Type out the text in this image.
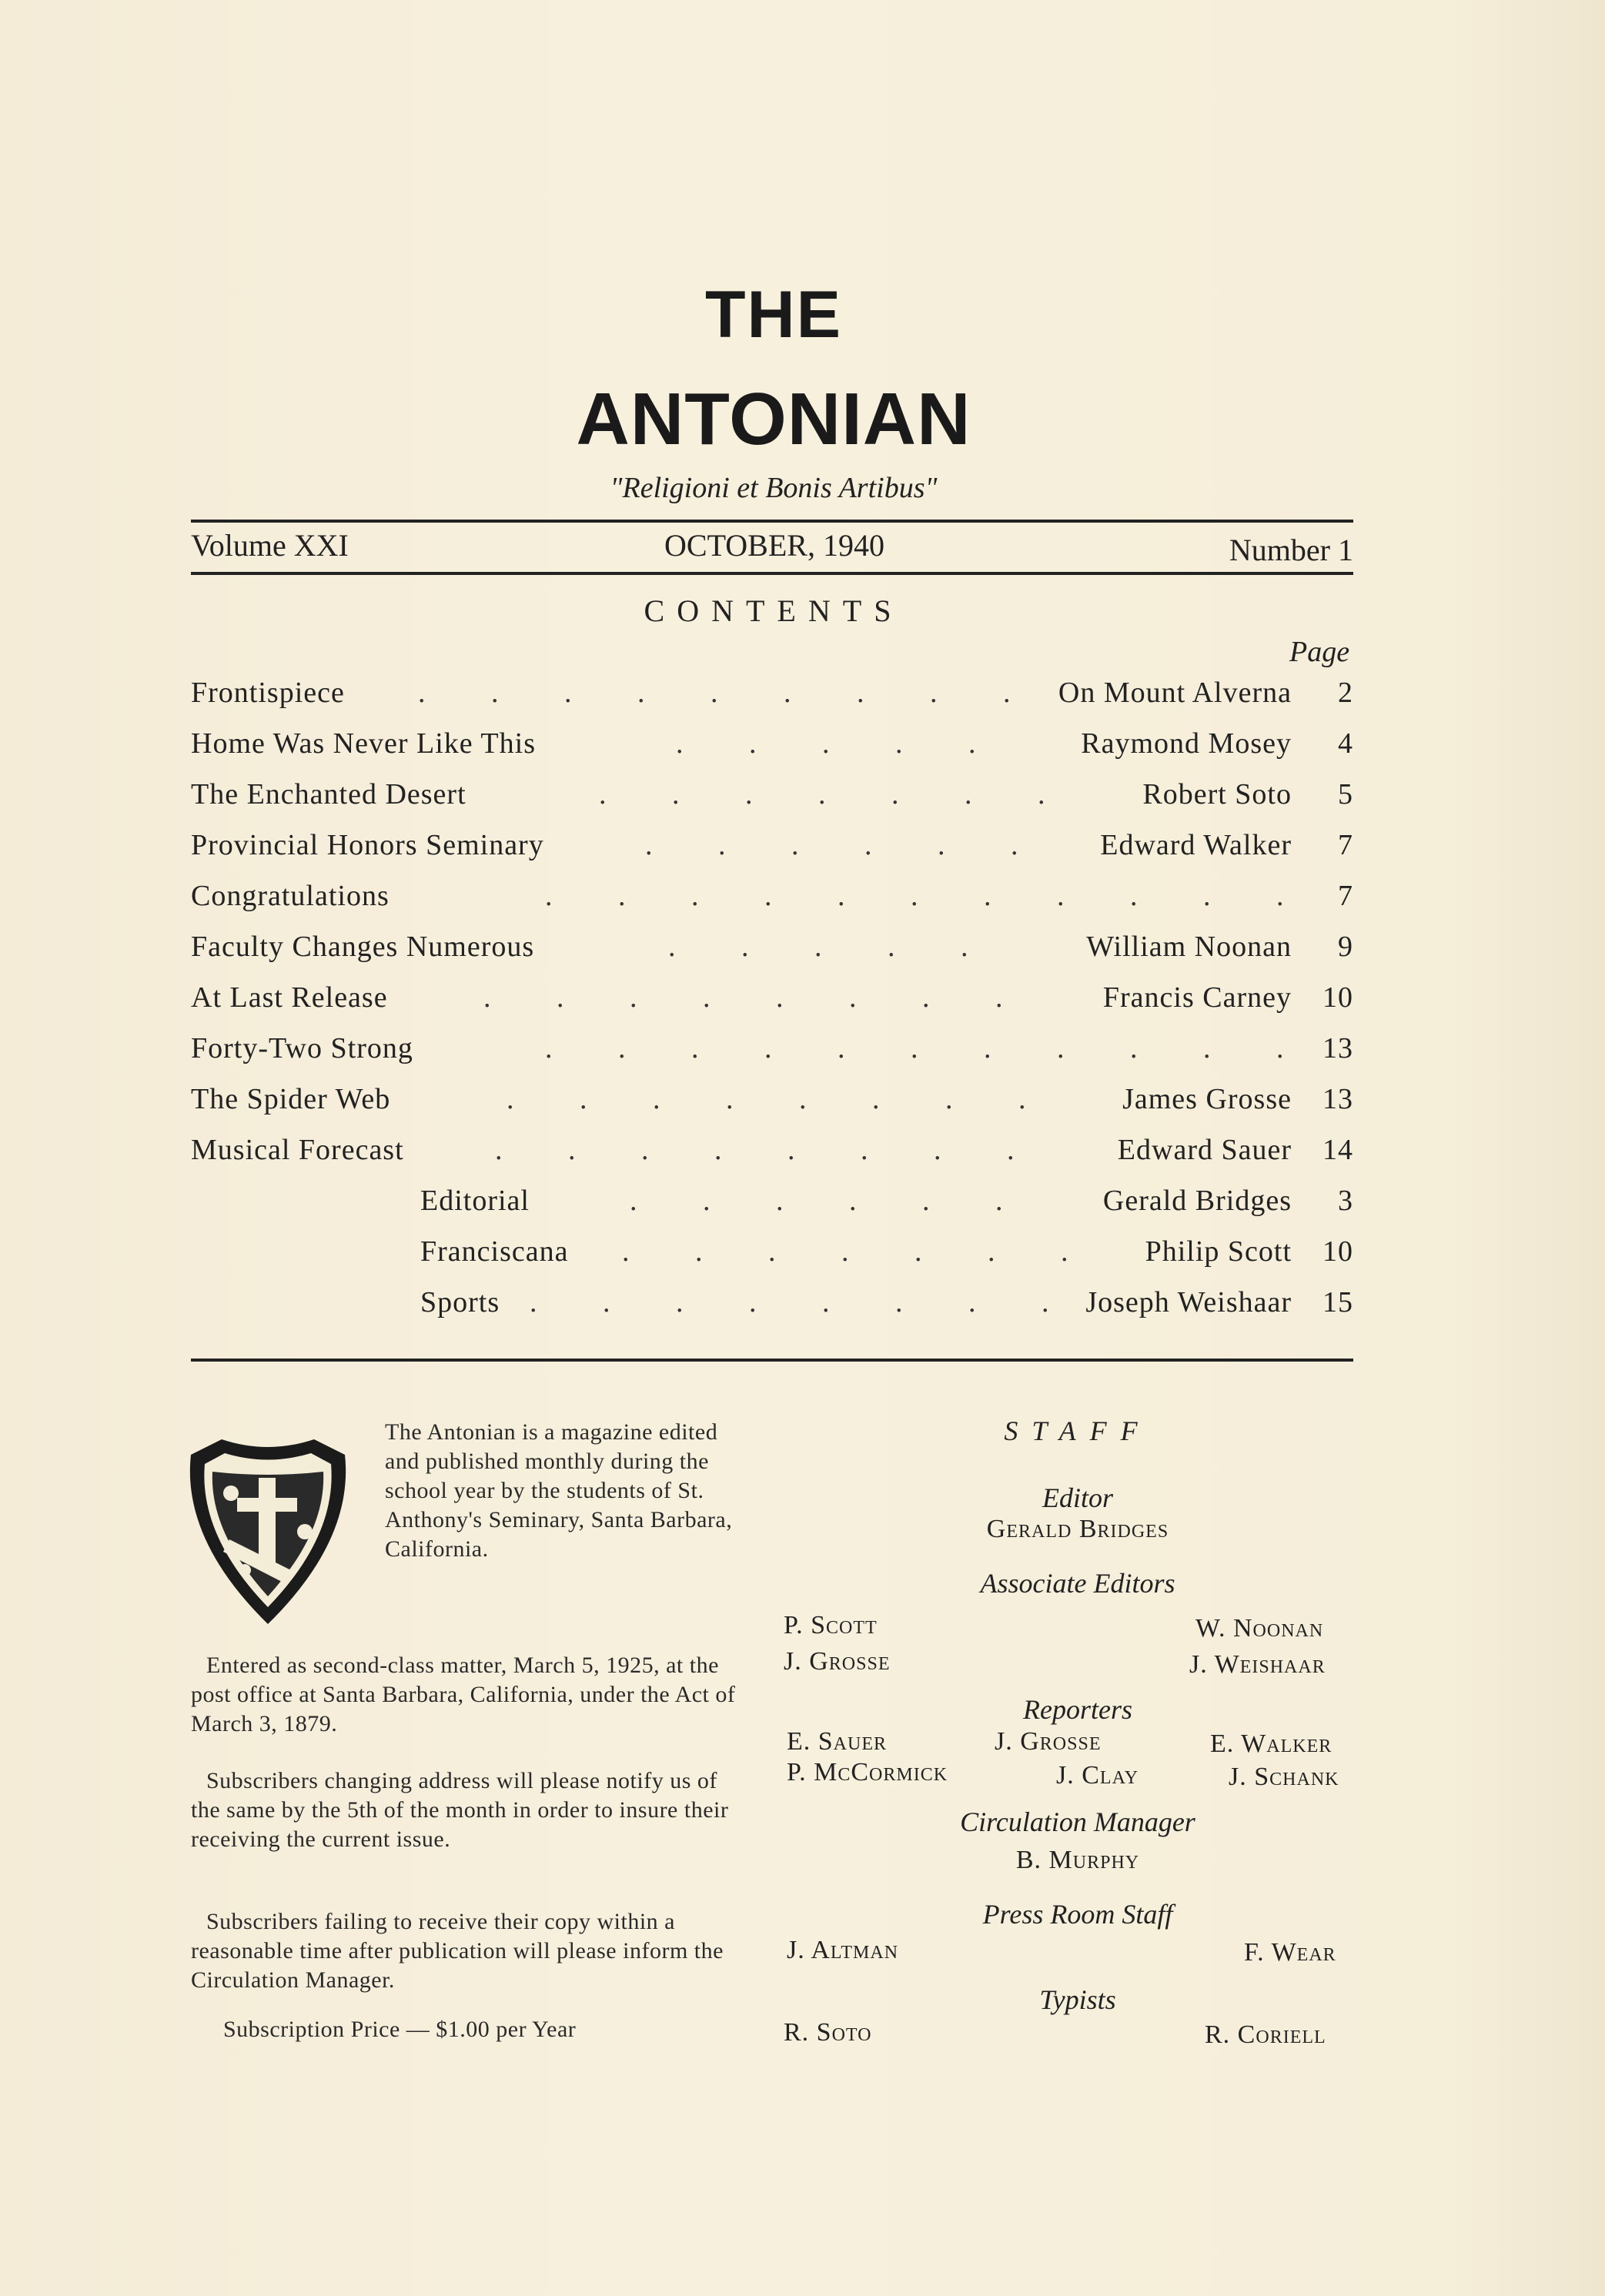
THE
ANTONIAN
"Religioni et Bonis Artibus"
Volume XXI	OCTOBER, 1940	Number 1
CONTENTS
Page
Frontispiece	. . . . . . . . . On Mount Alverna	2
Home Was Never Like This	. . . . .	Raymond Mosey	4
The Enchanted Desert	. . . . . . . Robert Soto	5
Provincial Honors Seminary	. . . . . . Edward Walker	7
Congratulations	. . . . . . . . . . . 7
Faculty Changes Numerous	. . . . .	William Noonan	9
At Last Release	. . . . . . . . Francis Carney 10
Forty-Two Strong	. . . . . . . . . . . 13
The Spider Web	. . . . . . . . James Grosse 13
Musical Forecast	. . . . . . . .	Edward Sauer 14
Editorial	. . . . . . Gerald Bridges	3
Franciscana . . . . . . . Philip Scott 10
Sports . . . . . . . . Joseph Weishaar 15
The Antonian is a magazine edited and published monthly during the school year by the students of St. Anthony's Seminary, Santa Barbara, California.
Entered as second-class matter, March 5, 1925, at the post office at Santa Barbara, California, under the Act of March 3, 1879.
Subscribers changing address will please notify us of the same by the 5th of the month in order to insure their receiving the current issue.
Subscribers failing to receive their copy within a reasonable time after publication will please inform the Circulation Manager.
Subscription Price — $1.00 per Year
STAFF
Editor
Gerald Bridges
Associate Editors
P. Scott	W. Noonan
J. Grosse	J. Weishaar
Reporters
E. Sauer	J. Grosse	E. Walker
P. McCormick	J. Clay	J. Schank
Circulation Manager
B. Murphy
Press Room Staff
J. Altman	F. Wear
Typists
R. Soto	R. Coriell
